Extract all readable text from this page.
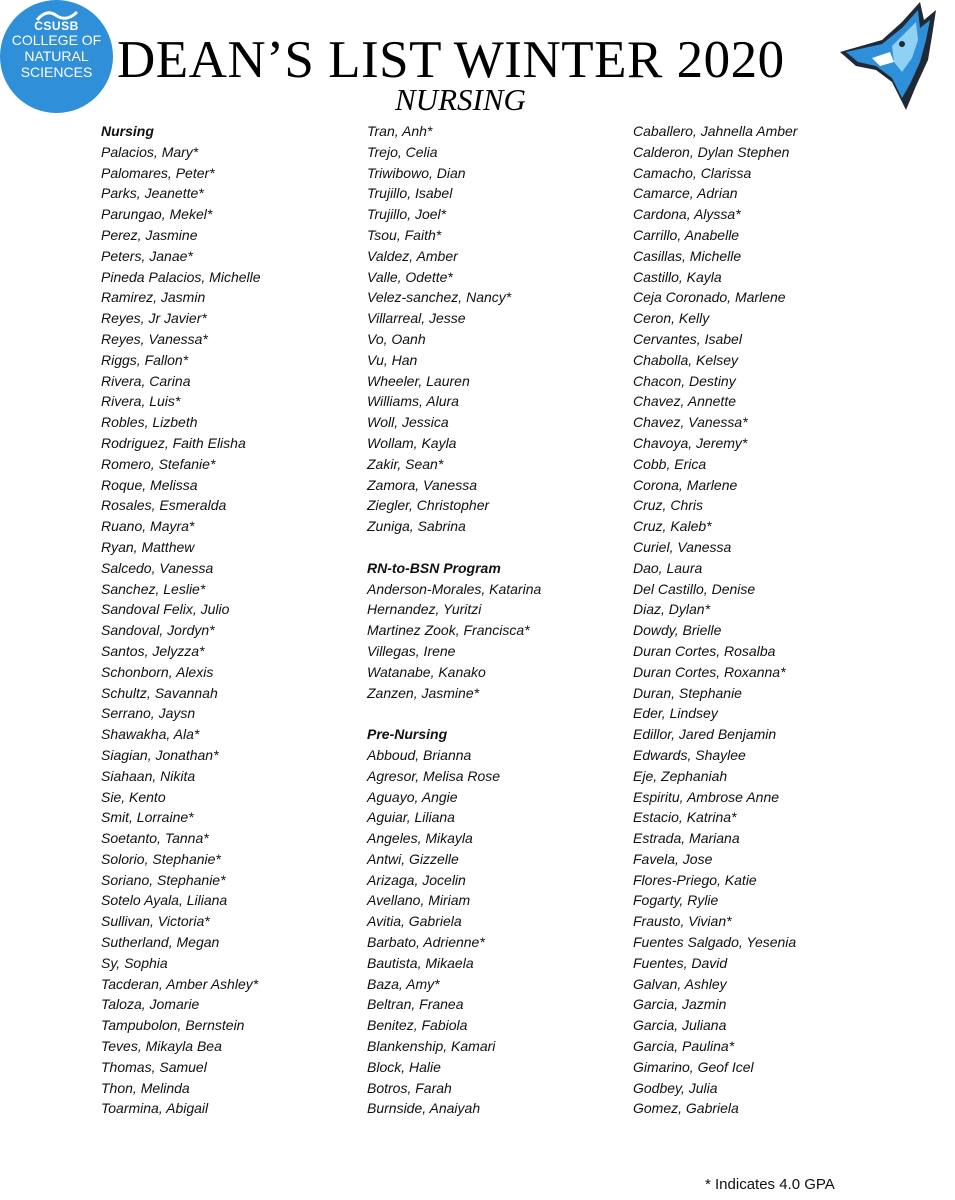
CSUSB
COLLEGE OF
NATURAL
SCIENCES DEAN’S LIST WINTER 2020
NURSING
Nursing
Palacios, Mary*
Palomares, Peter*
Parks, Jeanette*
Parungao, Mekel*
Perez, Jasmine
Peters, Janae*
Pineda Palacios, Michelle
Ramirez, Jasmin
Reyes, Jr Javier*
Reyes, Vanessa*
Riggs, Fallon*
Rivera, Carina
Rivera, Luis*
Robles, Lizbeth
Rodriguez, Faith Elisha
Romero, Stefanie*
Roque, Melissa
Rosales, Esmeralda
Ruano, Mayra*
Ryan, Matthew
Salcedo, Vanessa
Sanchez, Leslie*
Sandoval Felix, Julio
Sandoval, Jordyn*
Santos, Jelyzza*
Schonborn, Alexis
Schultz, Savannah
Serrano, Jaysn
Shawakha, Ala*
Siagian, Jonathan*
Siahaan, Nikita
Sie, Kento
Smit, Lorraine*
Soetanto, Tanna*
Solorio, Stephanie*
Soriano, Stephanie*
Sotelo Ayala, Liliana
Sullivan, Victoria*
Sutherland, Megan
Sy, Sophia
Tacderan, Amber Ashley*
Taloza, Jomarie
Tampubolon, Bernstein
Teves, Mikayla Bea
Thomas, Samuel
Thon, Melinda
Toarmina, Abigail
Tran, Anh*
Trejo, Celia
Triwibowo, Dian
Trujillo, Isabel
Trujillo, Joel*
Tsou, Faith*
Valdez, Amber
Valle, Odette*
Velez-sanchez, Nancy*
Villarreal, Jesse
Vo, Oanh
Vu, Han
Wheeler, Lauren
Williams, Alura
Woll, Jessica
Wollam, Kayla
Zakir, Sean*
Zamora, Vanessa
Ziegler, Christopher
Zuniga, Sabrina
RN-to-BSN Program
Anderson-Morales, Katarina
Hernandez, Yuritzi
Martinez Zook, Francisca*
Villegas, Irene
Watanabe, Kanako
Zanzen, Jasmine*
Pre-Nursing
Abboud, Brianna
Agresor, Melisa Rose
Aguayo, Angie
Aguiar, Liliana
Angeles, Mikayla
Antwi, Gizzelle
Arizaga, Jocelin
Avellano, Miriam
Avitia, Gabriela
Barbato, Adrienne*
Bautista, Mikaela
Baza, Amy*
Beltran, Franea
Benitez, Fabiola
Blankenship, Kamari
Block, Halie
Botros, Farah
Burnside, Anaiyah
Caballero, Jahnella Amber
Calderon, Dylan Stephen
Camacho, Clarissa
Camarce, Adrian
Cardona, Alyssa*
Carrillo, Anabelle
Casillas, Michelle
Castillo, Kayla
Ceja Coronado, Marlene
Ceron, Kelly
Cervantes, Isabel
Chabolla, Kelsey
Chacon, Destiny
Chavez, Annette
Chavez, Vanessa*
Chavoya, Jeremy*
Cobb, Erica
Corona, Marlene
Cruz, Chris
Cruz, Kaleb*
Curiel, Vanessa
Dao, Laura
Del Castillo, Denise
Diaz, Dylan*
Dowdy, Brielle
Duran Cortes, Rosalba
Duran Cortes, Roxanna*
Duran, Stephanie
Eder, Lindsey
Edillor, Jared Benjamin
Edwards, Shaylee
Eje, Zephaniah
Espiritu, Ambrose Anne
Estacio, Katrina*
Estrada, Mariana
Favela, Jose
Flores-Priego, Katie
Fogarty, Rylie
Frausto, Vivian*
Fuentes Salgado, Yesenia
Fuentes, David
Galvan, Ashley
Garcia, Jazmin
Garcia, Juliana
Garcia, Paulina*
Gimarino, Geof Icel
Godbey, Julia
Gomez, Gabriela
* Indicates 4.0 GPA
